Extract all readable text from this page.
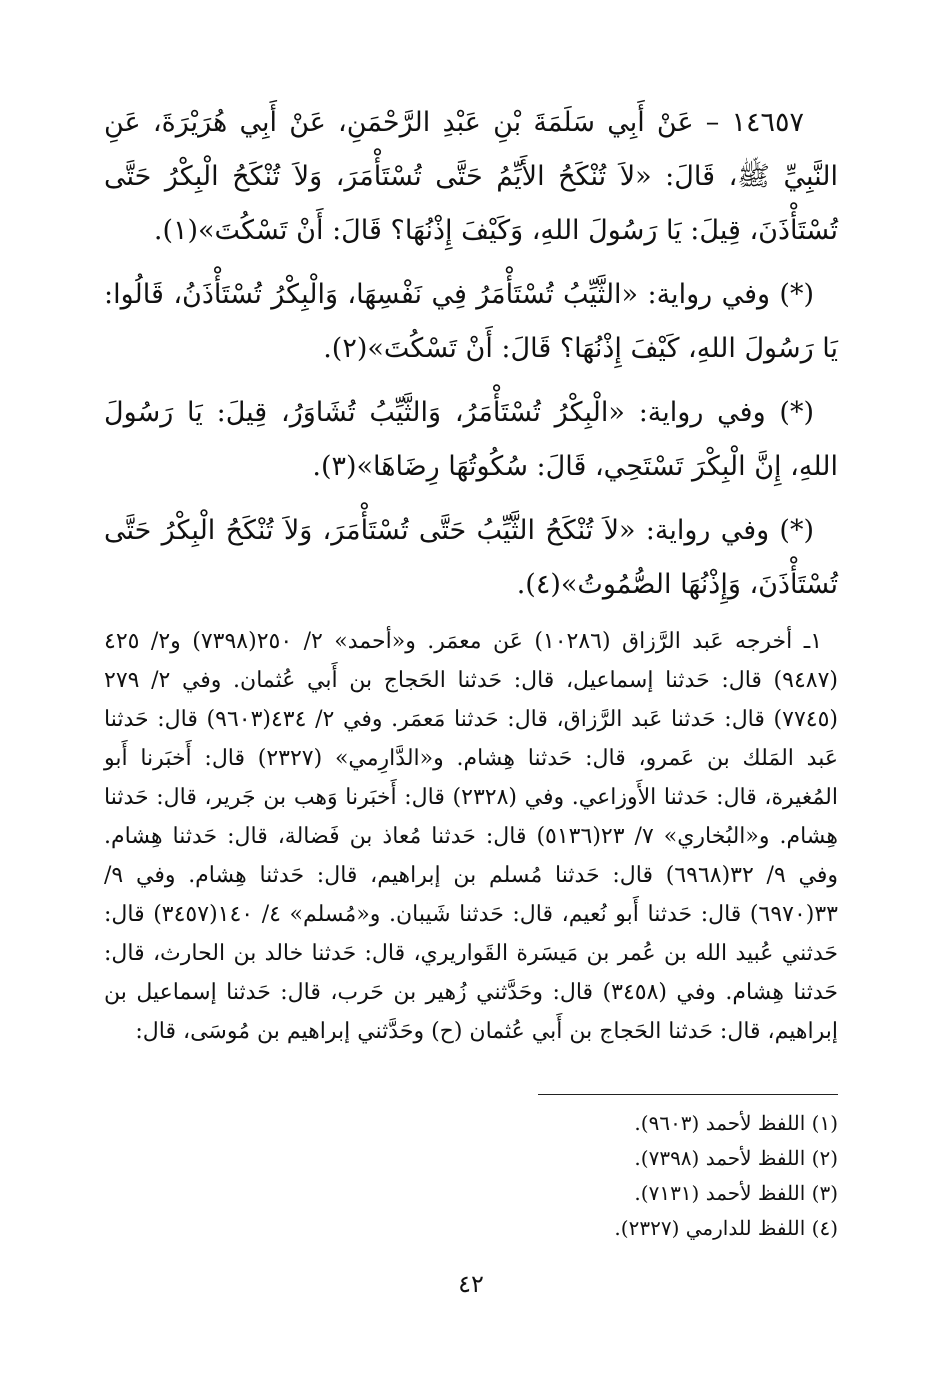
١٤٦٥٧ – عَنْ أَبِي سَلَمَةَ بْنِ عَبْدِ الرَّحْمَنِ، عَنْ أَبِي هُرَيْرَةَ، عَنِ النَّبِيِّ ﷺ، قَالَ: «لاَ تُنْكَحُ الأَيِّمُ حَتَّى تُسْتَأْمَرَ، وَلاَ تُنْكَحُ الْبِكْرُ حَتَّى تُسْتَأْذَنَ، قِيلَ: يَا رَسُولَ اللهِ، وَكَيْفَ إِذْنُهَا؟ قَالَ: أَنْ تَسْكُتَ»(١).

(*) وفي رواية: «الثَّيِّبُ تُسْتَأْمَرُ فِي نَفْسِهَا، وَالْبِكْرُ تُسْتَأْذَنُ، قَالُوا: يَا رَسُولَ اللهِ، كَيْفَ إِذْنُهَا؟ قَالَ: أَنْ تَسْكُتَ»(٢).

(*) وفي رواية: «الْبِكْرُ تُسْتَأْمَرُ، وَالثَّيِّبُ تُشَاوَرُ، قِيلَ: يَا رَسُولَ اللهِ، إِنَّ الْبِكْرَ تَسْتَحِي، قَالَ: سُكُوتُهَا رِضَاهَا»(٣).

(*) وفي رواية: «لاَ تُنْكَحُ الثَّيِّبُ حَتَّى تُسْتَأْمَرَ، وَلاَ تُنْكَحُ الْبِكْرُ حَتَّى تُسْتَأْذَنَ، وَإِذْنُهَا الصُّمُوتُ»(٤).

١ـ أخرجه عَبد الرَّزاق (١٠٢٨٦) عَن معمَر. و«أحمد» ٢/ ٢٥٠(٧٣٩٨) و٢/ ٤٢٥ (٩٤٨٧) قال: حَدثنا إسماعيل، قال: حَدثنا الحَجاج بن أَبي عُثمان. وفي ٢/ ٢٧٩ (٧٧٤٥) قال: حَدثنا عَبد الرَّزاق، قال: حَدثنا مَعمَر. وفي ٢/ ٤٣٤(٩٦٠٣) قال: حَدثنا عَبد المَلك بن عَمرو، قال: حَدثنا هِشام. و«الدَّارِمي» (٢٣٢٧) قال: أَخبَرنا أَبو المُغيرة، قال: حَدثنا الأَوزاعي. وفي (٢٣٢٨) قال: أَخبَرنا وَهب بن جَرير، قال: حَدثنا هِشام. و«البُخاري» ٧/ ٢٣(٥١٣٦) قال: حَدثنا مُعاذ بن فَضالة، قال: حَدثنا هِشام. وفي ٩/ ٣٢(٦٩٦٨) قال: حَدثنا مُسلم بن إبراهيم، قال: حَدثنا هِشام. وفي ٩/ ٣٣(٦٩٧٠) قال: حَدثنا أَبو نُعيم، قال: حَدثنا شَيبان. و«مُسلم» ٤/ ١٤٠(٣٤٥٧) قال: حَدثني عُبيد الله بن عُمر بن مَيسَرة القَواريري، قال: حَدثنا خالد بن الحارث، قال: حَدثنا هِشام. وفي (٣٤٥٨) قال: وحَدَّثني زُهير بن حَرب، قال: حَدثنا إسماعيل بن إبراهيم، قال: حَدثنا الحَجاج بن أَبي عُثمان (ح) وحَدَّثني إبراهيم بن مُوسَى، قال:

(١) اللفظ لأحمد (٩٦٠٣).
(٢) اللفظ لأحمد (٧٣٩٨).
(٣) اللفظ لأحمد (٧١٣١).
(٤) اللفظ للدارمي (٢٣٢٧).
٤٢
